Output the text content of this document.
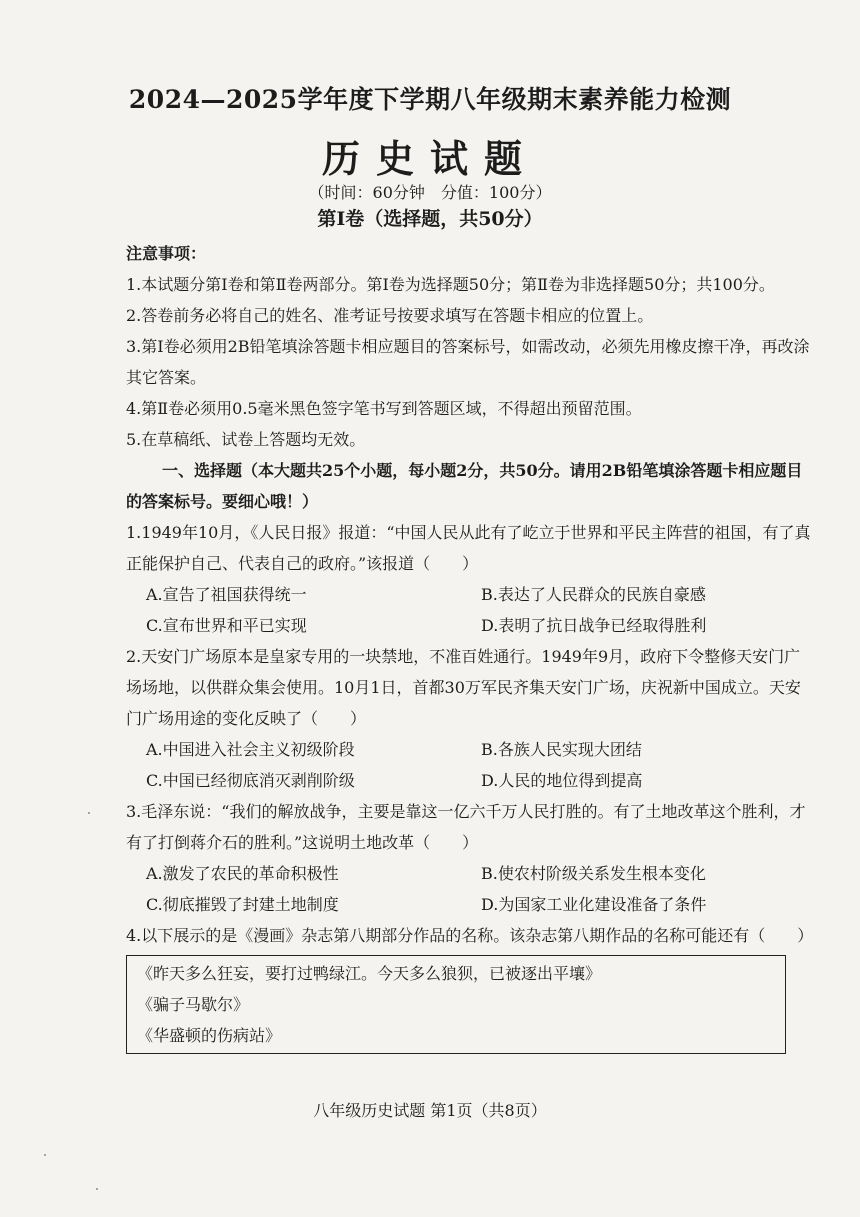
2024—2025学年度下学期八年级期末素养能力检测
历史试题
（时间：60分钟　分值：100分）
第Ⅰ卷（选择题，共50分）

注意事项：

1.本试题分第Ⅰ卷和第Ⅱ卷两部分。第Ⅰ卷为选择题50分；第Ⅱ卷为非选择题50分；共100分。

2.答卷前务必将自己的姓名、准考证号按要求填写在答题卡相应的位置上。

3.第Ⅰ卷必须用2B铅笔填涂答题卡相应题目的答案标号，如需改动，必须先用橡皮擦干净，再改涂其它答案。

4.第Ⅱ卷必须用0.5毫米黑色签字笔书写到答题区域，不得超出预留范围。

5.在草稿纸、试卷上答题均无效。

一、选择题（本大题共25个小题，每小题2分，共50分。请用2B铅笔填涂答题卡相应题目的答案标号。要细心哦！）

1.1949年10月，《人民日报》报道：“中国人民从此有了屹立于世界和平民主阵营的祖国，有了真正能保护自己、代表自己的政府。”该报道（　　）

A.宣告了祖国获得统一	B.表达了人民群众的民族自豪感
C.宣布世界和平已实现	D.表明了抗日战争已经取得胜利

2.天安门广场原本是皇家专用的一块禁地，不准百姓通行。1949年9月，政府下令整修天安门广场场地，以供群众集会使用。10月1日，首都30万军民齐集天安门广场，庆祝新中国成立。天安门广场用途的变化反映了（　　）

A.中国进入社会主义初级阶段	B.各族人民实现大团结
C.中国已经彻底消灭剥削阶级	D.人民的地位得到提高

3.毛泽东说：“我们的解放战争，主要是靠这一亿六千万人民打胜的。有了土地改革这个胜利，才有了打倒蒋介石的胜利。”这说明土地改革（　　）

A.激发了农民的革命积极性	B.使农村阶级关系发生根本变化
C.彻底摧毁了封建土地制度	D.为国家工业化建设准备了条件

4.以下展示的是《漫画》杂志第八期部分作品的名称。该杂志第八期作品的名称可能还有（　　）

《昨天多么狂妄，要打过鸭绿江。今天多么狼狈，已被逐出平壤》
《骗子马歇尔》
《华盛顿的伤病站》
八年级历史试题 第1页（共8页）
